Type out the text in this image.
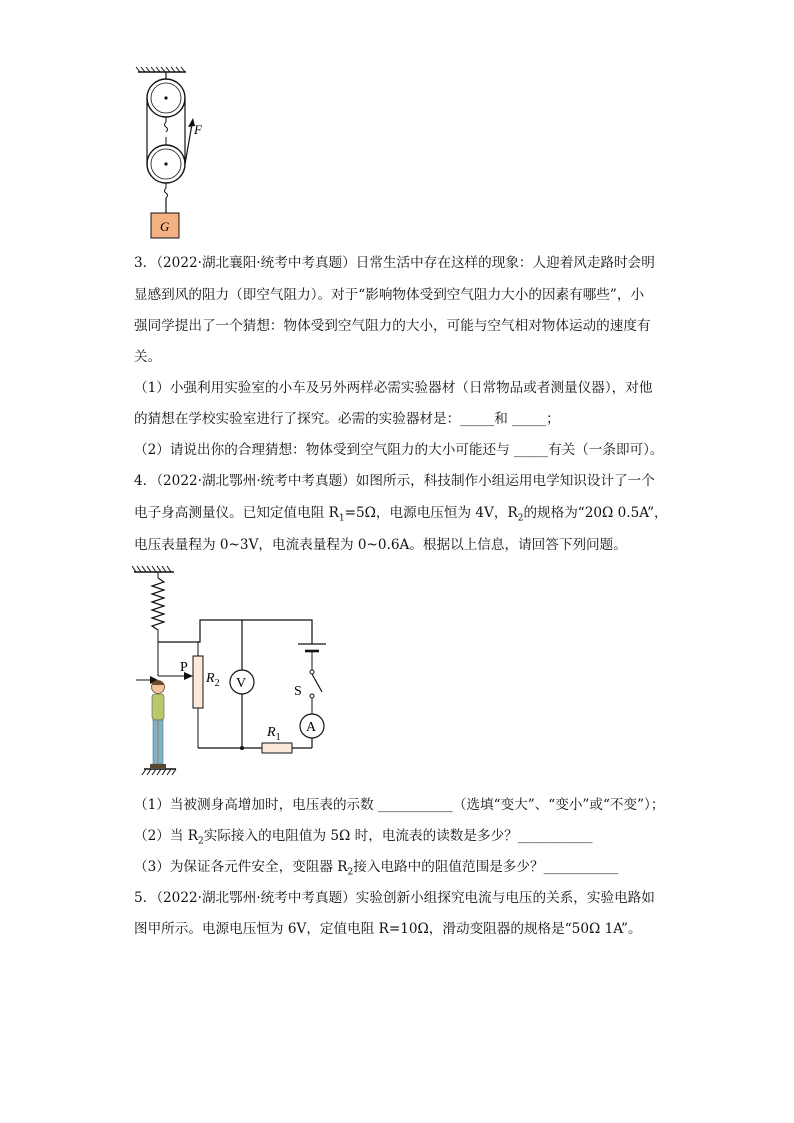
F
G
3．（2022·湖北襄阳·统考中考真题）日常生活中存在这样的现象：人迎着风走路时会明
显感到风的阻力（即空气阻力）。对于“影响物体受到空气阻力大小的因素有哪些”，小
强同学提出了一个猜想：物体受到空气阻力的大小，可能与空气相对物体运动的速度有
关。
（1）小强利用实验室的小车及另外两样必需实验器材（日常物品或者测量仪器），对他
的猜想在学校实验室进行了探究。必需的实验器材是：_____和 _____；
（2）请说出你的合理猜想：物体受到空气阻力的大小可能还与 _____有关（一条即可）。
4．（2022·湖北鄂州·统考中考真题）如图所示，科技制作小组运用电学知识设计了一个
电子身高测量仪。已知定值电阻 $R_1=5\Omega$，电源电压恒为 4V，$R_2$的规格为“20Ω 0.5A”，
电压表量程为 0~3V，电流表量程为 0~0.6A。根据以上信息，请回答下列问题。
P
$R_2$ V
S
A
$R_1$
（1）当被测身高增加时，电压表的示数 ___________（选填“变大”、“变小”或“不变”）；
（2）当 $R_2$实际接入的电阻值为 5Ω 时，电流表的读数是多少？___________
（3）为保证各元件安全，变阻器 $R_2$接入电路中的阻值范围是多少？___________
5．（2022·湖北鄂州·统考中考真题）实验创新小组探究电流与电压的关系，实验电路如
图甲所示。电源电压恒为 6V，定值电阻 R=10Ω，滑动变阻器的规格是“50Ω 1A”。
